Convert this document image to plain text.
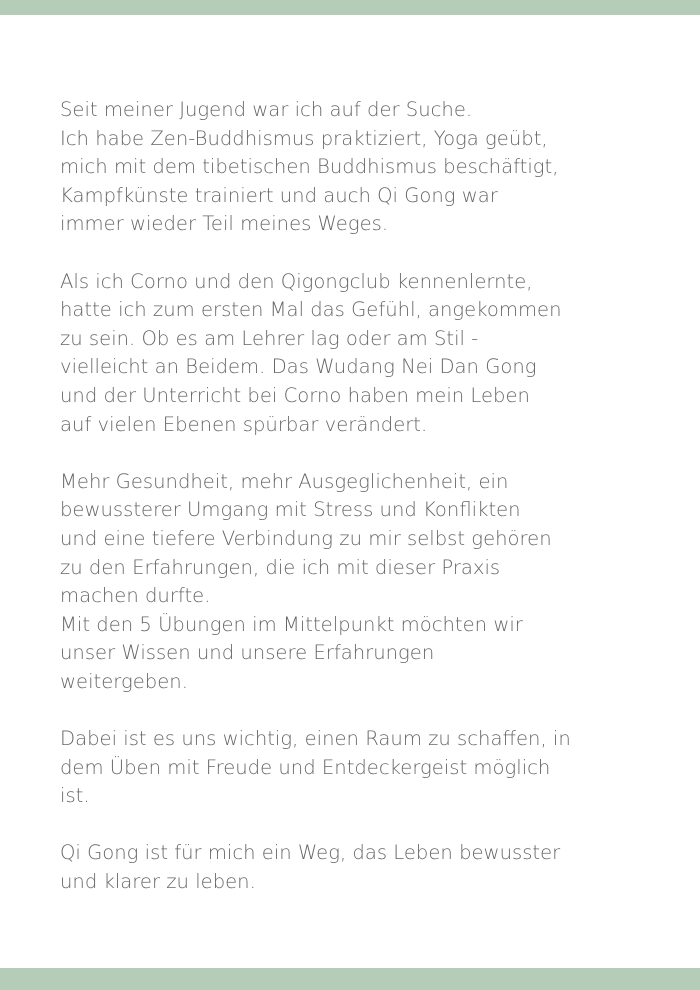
Seit meiner Jugend war ich auf der Suche.
Ich habe Zen-Buddhismus praktiziert, Yoga geübt,
mich mit dem tibetischen Buddhismus beschäftigt,
Kampfkünste trainiert und auch Qi Gong war
immer wieder Teil meines Weges.

Als ich Corno und den Qigongclub kennenlernte,
hatte ich zum ersten Mal das Gefühl, angekommen
zu sein. Ob es am Lehrer lag oder am Stil -
vielleicht an Beidem. Das Wudang Nei Dan Gong
und der Unterricht bei Corno haben mein Leben
auf vielen Ebenen spürbar verändert.

Mehr Gesundheit, mehr Ausgeglichenheit, ein
bewussterer Umgang mit Stress und Konflikten
und eine tiefere Verbindung zu mir selbst gehören
zu den Erfahrungen, die ich mit dieser Praxis
machen durfte.
Mit den 5 Übungen im Mittelpunkt möchten wir
unser Wissen und unsere Erfahrungen
weitergeben.

Dabei ist es uns wichtig, einen Raum zu schaffen, in
dem Üben mit Freude und Entdeckergeist möglich
ist.

Qi Gong ist für mich ein Weg, das Leben bewusster
und klarer zu leben.
